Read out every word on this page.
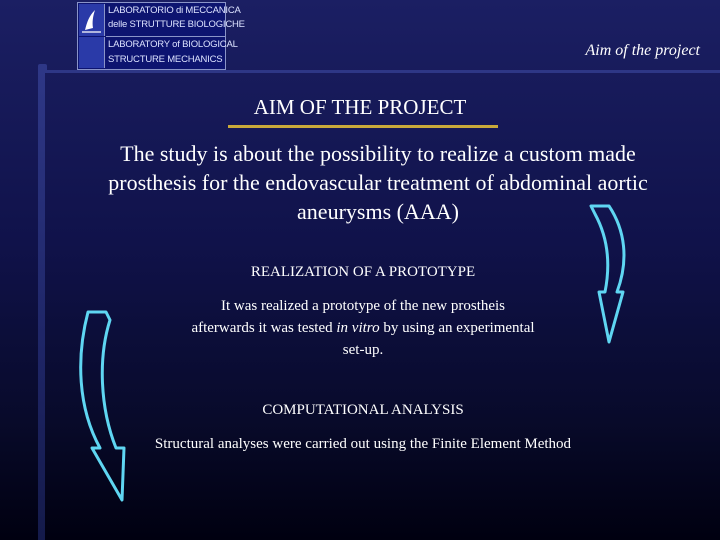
LABORATORIO di MECCANICA
delle STRUTTURE BIOLOGICHE
LABORATORY of BIOLOGICAL
STRUCTURE MECHANICS
Aim of the project
AIM OF THE PROJECT
The study is about the possibility to realize a custom made prosthesis for the endovascular treatment of abdominal aortic aneurysms (AAA)
REALIZATION OF A PROTOTYPE
It was realized a prototype of the new prostheis
afterwards it was tested in vitro by using an experimental
set-up.
COMPUTATIONAL ANALYSIS
Structural analyses were carried out using the Finite Element Method
